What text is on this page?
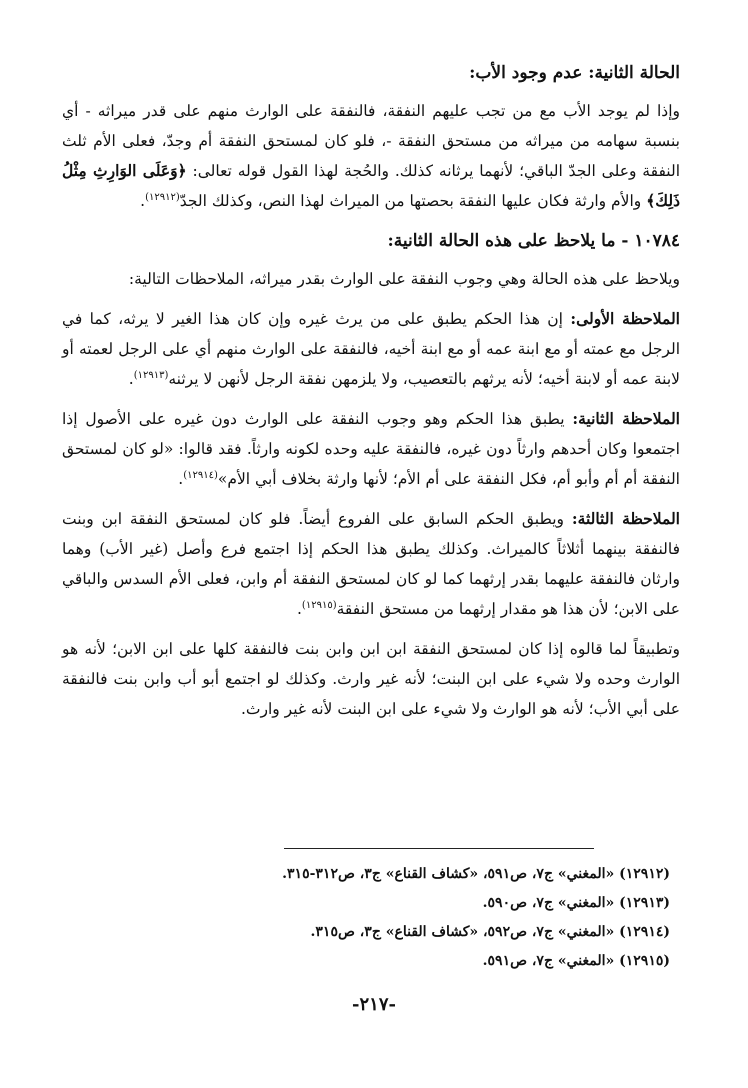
الحالة الثانية: عدم وجود الأب:

وإذا لم يوجد الأب مع من تجب عليهم النفقة، فالنفقة على الوارث منهم على قدر ميراثه - أي بنسبة سهامه من ميراثه من مستحق النفقة -، فلو كان لمستحق النفقة أم وجدّ، فعلى الأم ثلث النفقة وعلى الجدّ الباقي؛ لأنهما يرثانه كذلك. والحُجة لهذا القول قوله تعالى: ﴿وَعَلَى الوَارِثِ مِثْلُ ذَلِكَ﴾ والأم وارثة فكان عليها النفقة بحصتها من الميراث لهذا النص، وكذلك الجدّ$^{(١٢٩١٢)}$.

١٠٧٨٤ - ما يلاحظ على هذه الحالة الثانية:

ويلاحظ على هذه الحالة وهي وجوب النفقة على الوارث بقدر ميراثه، الملاحظات التالية:

الملاحظة الأولى: إن هذا الحكم يطبق على من يرث غيره وإن كان هذا الغير لا يرثه، كما في الرجل مع عمته أو مع ابنة عمه أو مع ابنة أخيه، فالنفقة على الوارث منهم أي على الرجل لعمته أو لابنة عمه أو لابنة أخيه؛ لأنه يرثهم بالتعصيب، ولا يلزمهن نفقة الرجل لأنهن لا يرثنه$^{(١٢٩١٣)}$.

الملاحظة الثانية: يطبق هذا الحكم وهو وجوب النفقة على الوارث دون غيره على الأصول إذا اجتمعوا وكان أحدهم وارثاً دون غيره، فالنفقة عليه وحده لكونه وارثاً. فقد قالوا: «لو كان لمستحق النفقة أم أم وأبو أم، فكل النفقة على أم الأم؛ لأنها وارثة بخلاف أبي الأم»$^{(١٢٩١٤)}$.

الملاحظة الثالثة: ويطبق الحكم السابق على الفروع أيضاً. فلو كان لمستحق النفقة ابن وبنت فالنفقة بينهما أثلاثاً كالميراث. وكذلك يطبق هذا الحكم إذا اجتمع فرع وأصل (غير الأب) وهما وارثان فالنفقة عليهما بقدر إرثهما كما لو كان لمستحق النفقة أم وابن، فعلى الأم السدس والباقي على الابن؛ لأن هذا هو مقدار إرثهما من مستحق النفقة$^{(١٢٩١٥)}$.

وتطبيقاً لما قالوه إذا كان لمستحق النفقة ابن ابن وابن بنت فالنفقة كلها على ابن الابن؛ لأنه هو الوارث وحده ولا شيء على ابن البنت؛ لأنه غير وارث. وكذلك لو اجتمع أبو أب وابن بنت فالنفقة على أبي الأب؛ لأنه هو الوارث ولا شيء على ابن البنت لأنه غير وارث.

(١٢٩١٢) «المغني» ج٧، ص٥٩١، «كشاف القناع» ج٣، ص٣١٢-٣١٥.

(١٢٩١٣) «المغني» ج٧، ص٥٩٠.

(١٢٩١٤) «المغني» ج٧، ص٥٩٢، «كشاف القناع» ج٣، ص٣١٥.

(١٢٩١٥) «المغني» ج٧، ص٥٩١.

-٢١٧-
